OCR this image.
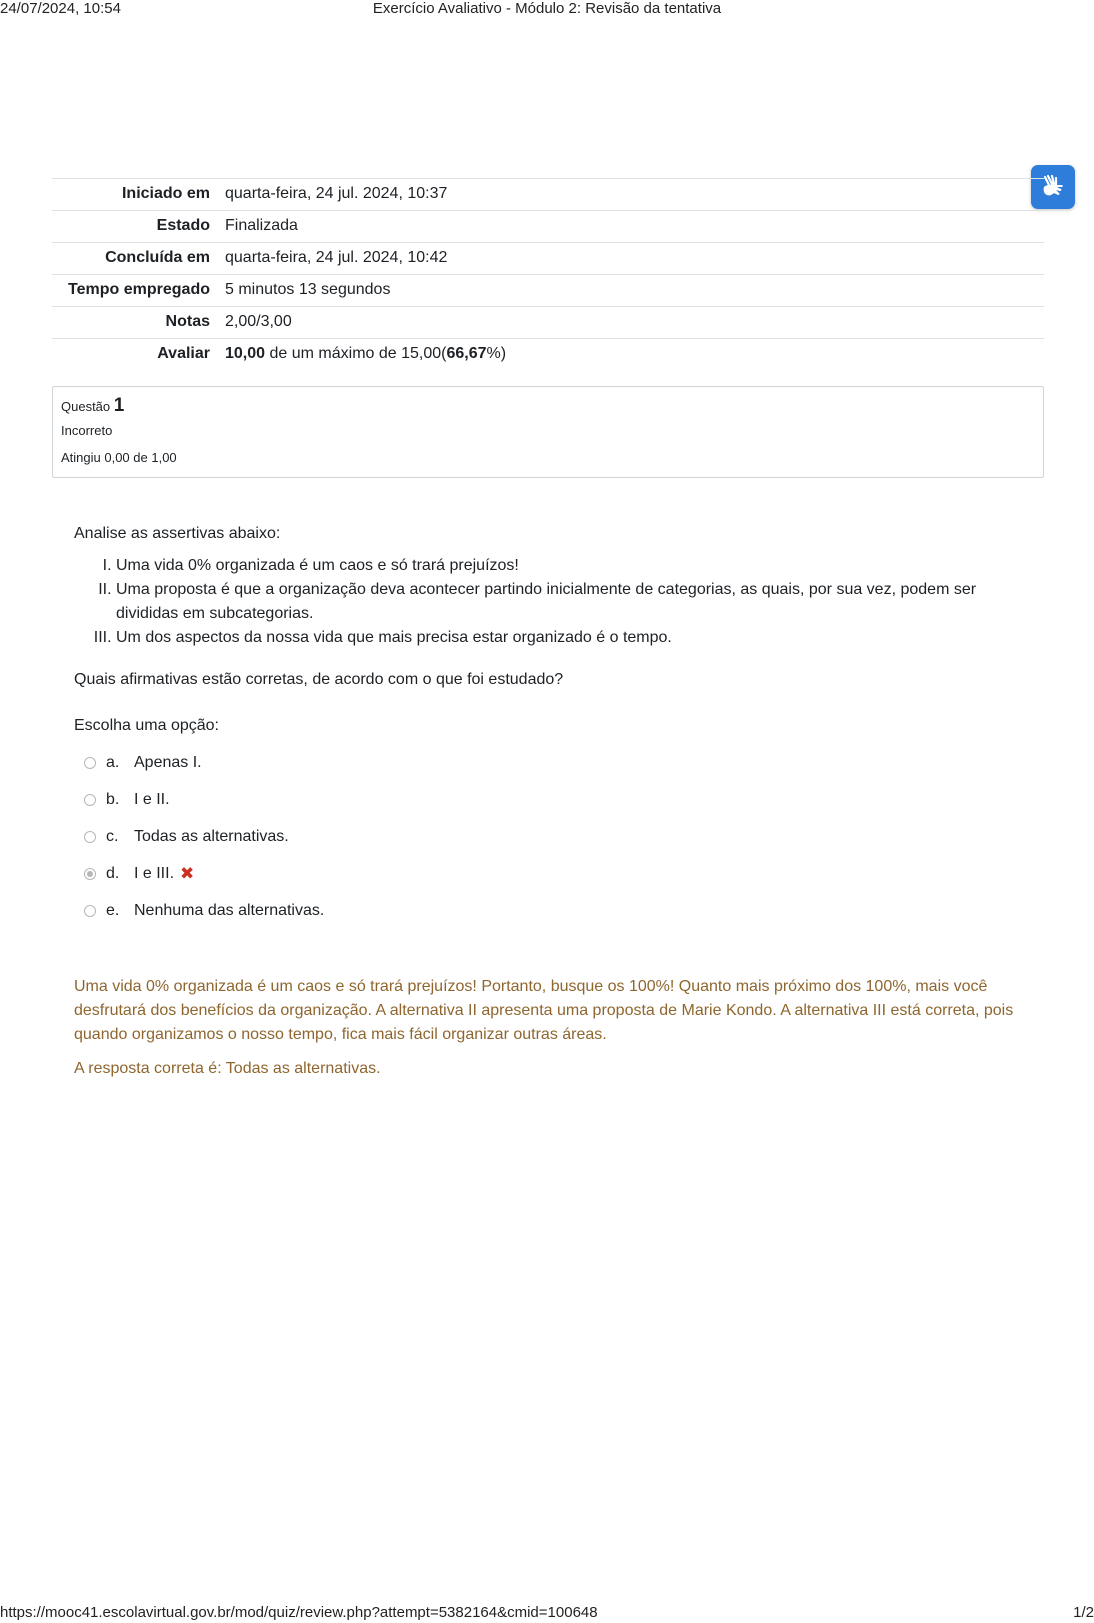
24/07/2024, 10:54	Exercício Avaliativo - Módulo 2: Revisão da tentativa
Iniciado em	quarta-feira, 24 jul. 2024, 10:37
Estado	Finalizada
Concluída em	quarta-feira, 24 jul. 2024, 10:42
Tempo empregado	5 minutos 13 segundos
Notas	2,00/3,00
Avaliar	10,00 de um máximo de 15,00(66,67%)
Questão 1
Incorreto
Atingiu 0,00 de 1,00

Analise as assertivas abaixo:

I. Uma vida 0% organizada é um caos e só trará prejuízos!
II. Uma proposta é que a organização deva acontecer partindo inicialmente de categorias, as quais, por sua vez, podem ser divididas em subcategorias.
III. Um dos aspectos da nossa vida que mais precisa estar organizado é o tempo.

Quais afirmativas estão corretas, de acordo com o que foi estudado?

Escolha uma opção:

a. Apenas I.
b. I e II.
c. Todas as alternativas.
d. I e III. ✖
e. Nenhuma das alternativas.

Uma vida 0% organizada é um caos e só trará prejuízos! Portanto, busque os 100%! Quanto mais próximo dos 100%, mais você desfrutará dos benefícios da organização. A alternativa II apresenta uma proposta de Marie Kondo. A alternativa III está correta, pois quando organizamos o nosso tempo, fica mais fácil organizar outras áreas.

A resposta correta é: Todas as alternativas.

https://mooc41.escolavirtual.gov.br/mod/quiz/review.php?attempt=5382164&cmid=100648	1/2
